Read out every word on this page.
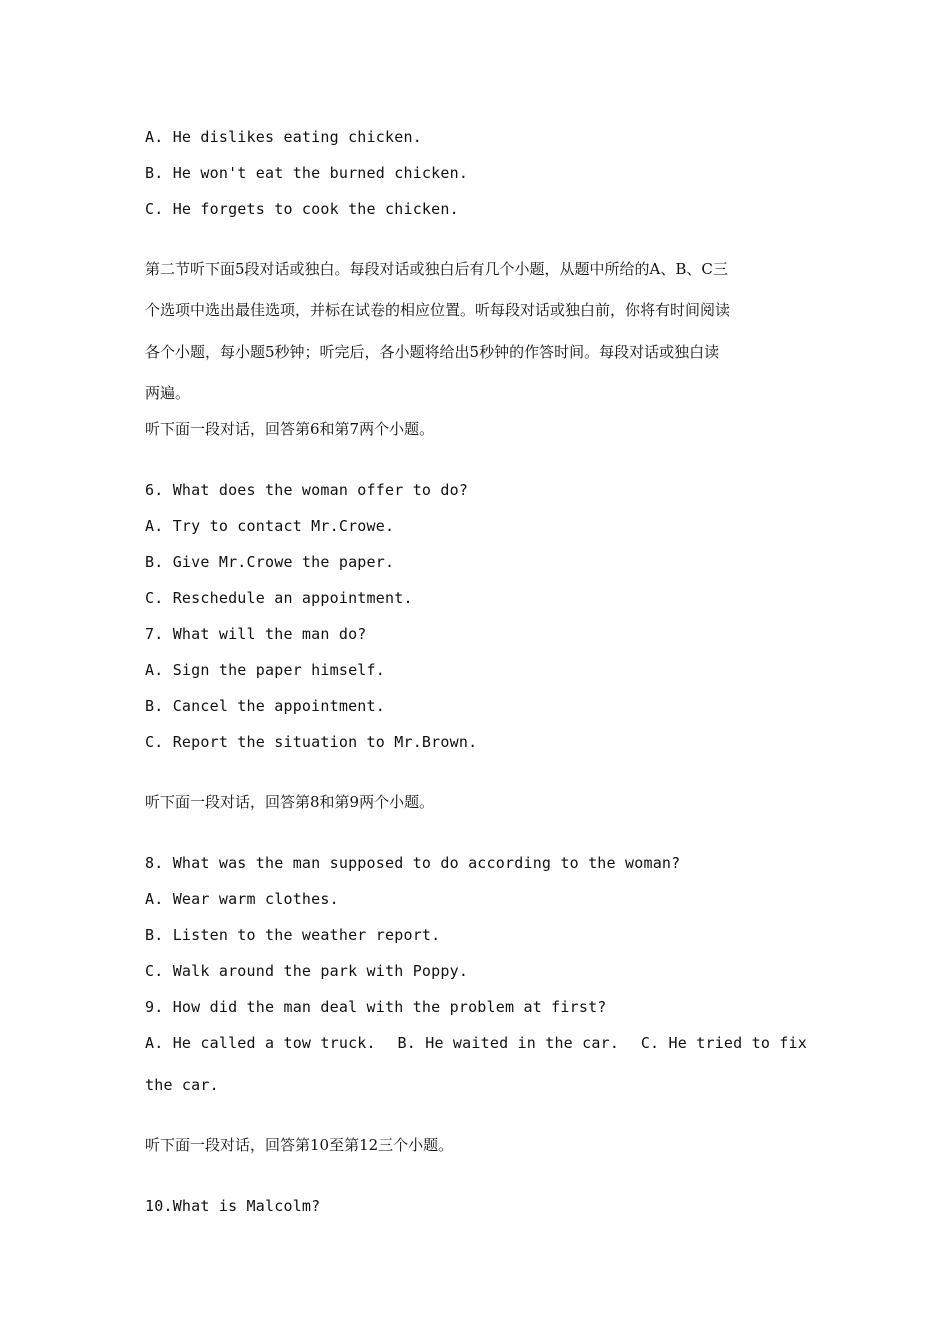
A. He dislikes eating chicken.
B. He won't eat the burned chicken.
C. He forgets to cook the chicken.
第二节听下面5段对话或独白。每段对话或独白后有几个小题，从题中所给的A、B、C三
个选项中选出最佳选项，并标在试卷的相应位置。听每段对话或独白前，你将有时间阅读
各个小题，每小题5秒钟；听完后，各小题将给出5秒钟的作答时间。每段对话或独白读
两遍。
听下面一段对话，回答第6和第7两个小题。
6. What does the woman offer to do?
A. Try to contact Mr.Crowe.
B. Give Mr.Crowe the paper.
C. Reschedule an appointment.
7. What will the man do?
A. Sign the paper himself.
B. Cancel the appointment.
C. Report the situation to Mr.Brown.
听下面一段对话，回答第8和第9两个小题。
8. What was the man supposed to do according to the woman?
A. Wear warm clothes.
B. Listen to the weather report.
C. Walk around the park with Poppy.
9. How did the man deal with the problem at first?
A. He called a tow truck. B. He waited in the car. C. He tried to fix
the car.
听下面一段对话，回答第10至第12三个小题。
10.What is Malcolm?
